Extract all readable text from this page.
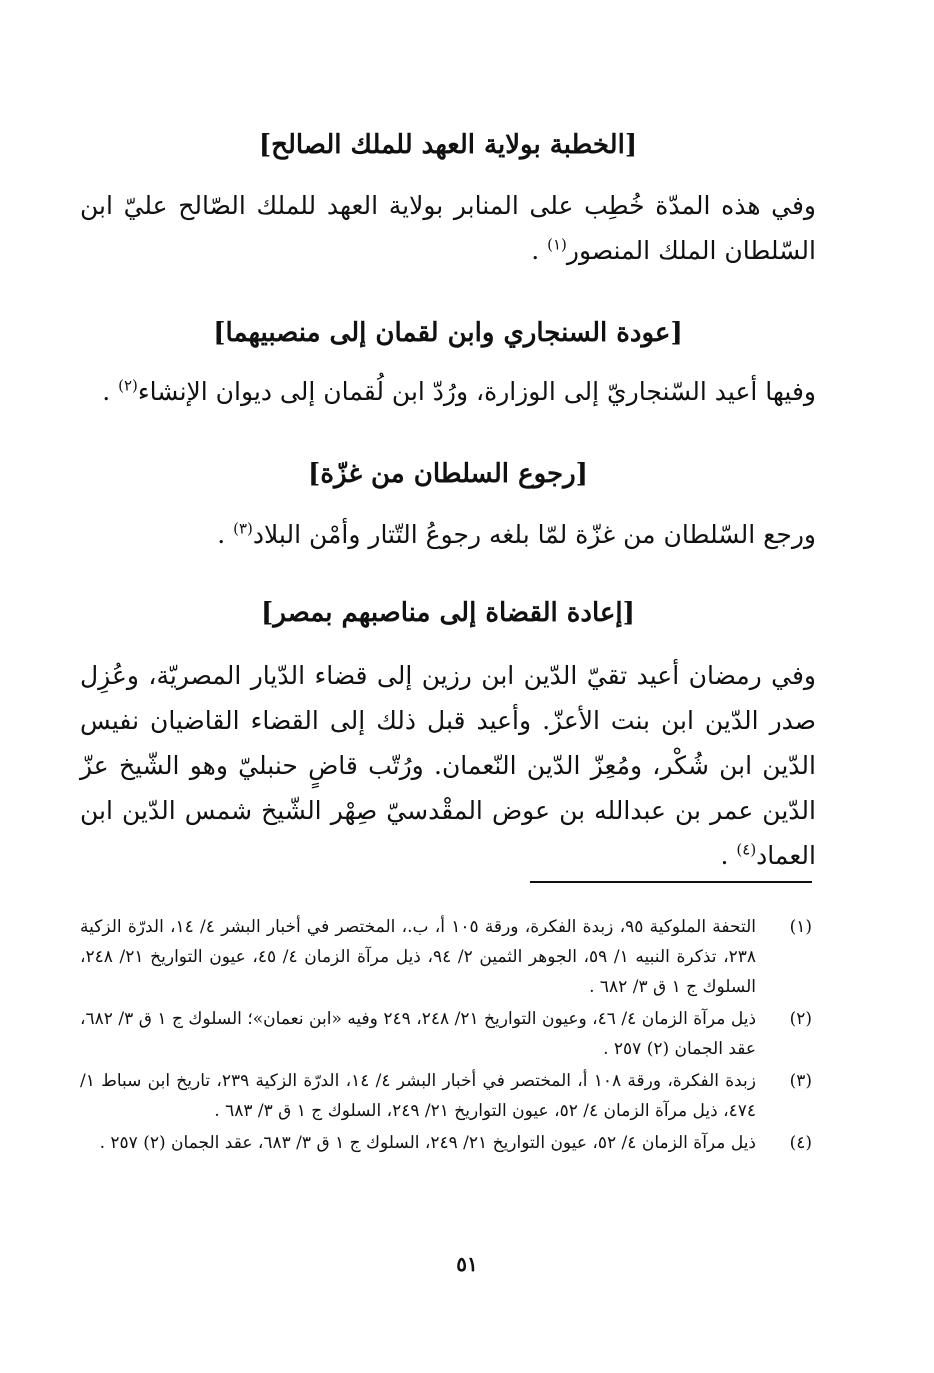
[الخطبة بولاية العهد للملك الصالح]

وفي هذه المدّة خُطِب على المنابر بولاية العهد للملك الصّالح عليّ ابن السّلطان الملك المنصور$^{(١)}$ .

[عودة السنجاري وابن لقمان إلى منصبيهما]

وفيها أعيد السّنجاريّ إلى الوزارة، ورُدّ ابن لُقمان إلى ديوان الإنشاء$^{(٢)}$ .

[رجوع السلطان من غزّة]

ورجع السّلطان من غزّة لمّا بلغه رجوعُ التّتار وأمْن البلاد$^{(٣)}$ .

[إعادة القضاة إلى مناصبهم بمصر]

وفي رمضان أعيد تقيّ الدّين ابن رزين إلى قضاء الدّيار المصريّة، وعُزِل صدر الدّين ابن بنت الأعزّ. وأعيد قبل ذلك إلى القضاء القاضيان نفيس الدّين ابن شُكْر، ومُعِزّ الدّين النّعمان. ورُتّب قاضٍ حنبليّ وهو الشّيخ عزّ الدّين عمر بن عبدالله بن عوض المقْدسيّ صِهْر الشّيخ شمس الدّين ابن العماد$^{(٤)}$ .

(١)
التحفة الملوكية ٩٥، زبدة الفكرة، ورقة ١٠٥ أ، ب.، المختصر في أخبار البشر ٤/ ١٤، الدرّة الزكية ٢٣٨، تذكرة النبيه ١/ ٥٩، الجوهر الثمين ٢/ ٩٤، ذيل مرآة الزمان ٤/ ٤٥، عيون التواريخ ٢١/ ٢٤٨، السلوك ج ١ ق ٣/ ٦٨٢ .
(٢)
ذيل مرآة الزمان ٤/ ٤٦، وعيون التواريخ ٢١/ ٢٤٨، ٢٤٩ وفيه «ابن نعمان»؛ السلوك ج ١ ق ٣/ ٦٨٢، عقد الجمان (٢) ٢٥٧ .
(٣)
زبدة الفكرة، ورقة ١٠٨ أ، المختصر في أخبار البشر ٤/ ١٤، الدرّة الزكية ٢٣٩، تاريخ ابن سباط ١/ ٤٧٤، ذيل مرآة الزمان ٤/ ٥٢، عيون التواريخ ٢١/ ٢٤٩، السلوك ج ١ ق ٣/ ٦٨٣ .
(٤)
ذيل مرآة الزمان ٤/ ٥٢، عيون التواريخ ٢١/ ٢٤٩، السلوك ج ١ ق ٣/ ٦٨٣، عقد الجمان (٢) ٢٥٧ .
٥١
